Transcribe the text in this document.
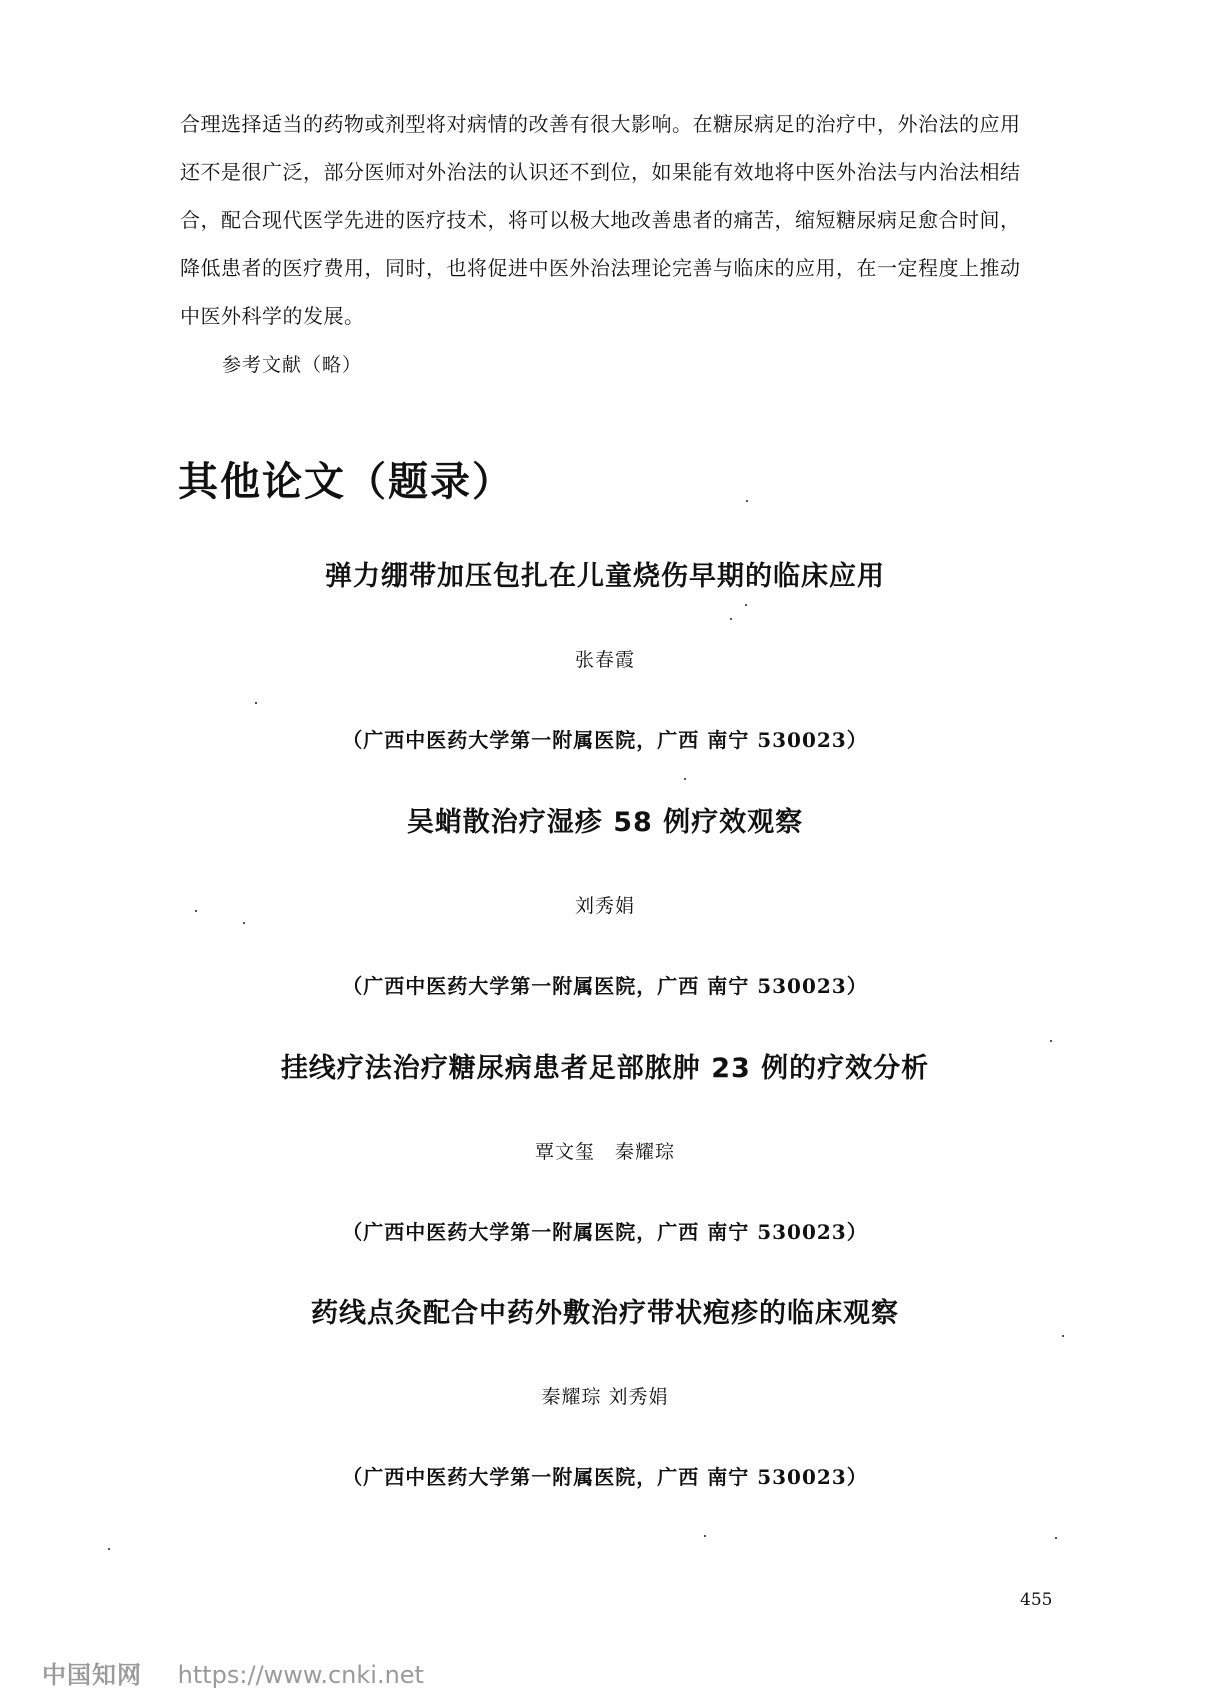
合理选择适当的药物或剂型将对病情的改善有很大影响。在糖尿病足的治疗中，外治法的应用

还不是很广泛，部分医师对外治法的认识还不到位，如果能有效地将中医外治法与内治法相结

合，配合现代医学先进的医疗技术，将可以极大地改善患者的痛苦，缩短糖尿病足愈合时间，

降低患者的医疗费用，同时，也将促进中医外治法理论完善与临床的应用，在一定程度上推动

中医外科学的发展。

参考文献（略）
其他论文（题录）
弹力绷带加压包扎在儿童烧伤早期的临床应用
张春霞
（广西中医药大学第一附属医院，广西 南宁 530023）
吴蛸散治疗湿疹 58 例疗效观察
刘秀娟
（广西中医药大学第一附属医院，广西 南宁 530023）
挂线疗法治疗糖尿病患者足部脓肿 23 例的疗效分析
覃文玺　秦耀琮
（广西中医药大学第一附属医院，广西 南宁 530023）
药线点灸配合中药外敷治疗带状疱疹的临床观察
秦耀琮 刘秀娟
（广西中医药大学第一附属医院，广西 南宁 530023）
455
中国知网 https://www.cnki.net
